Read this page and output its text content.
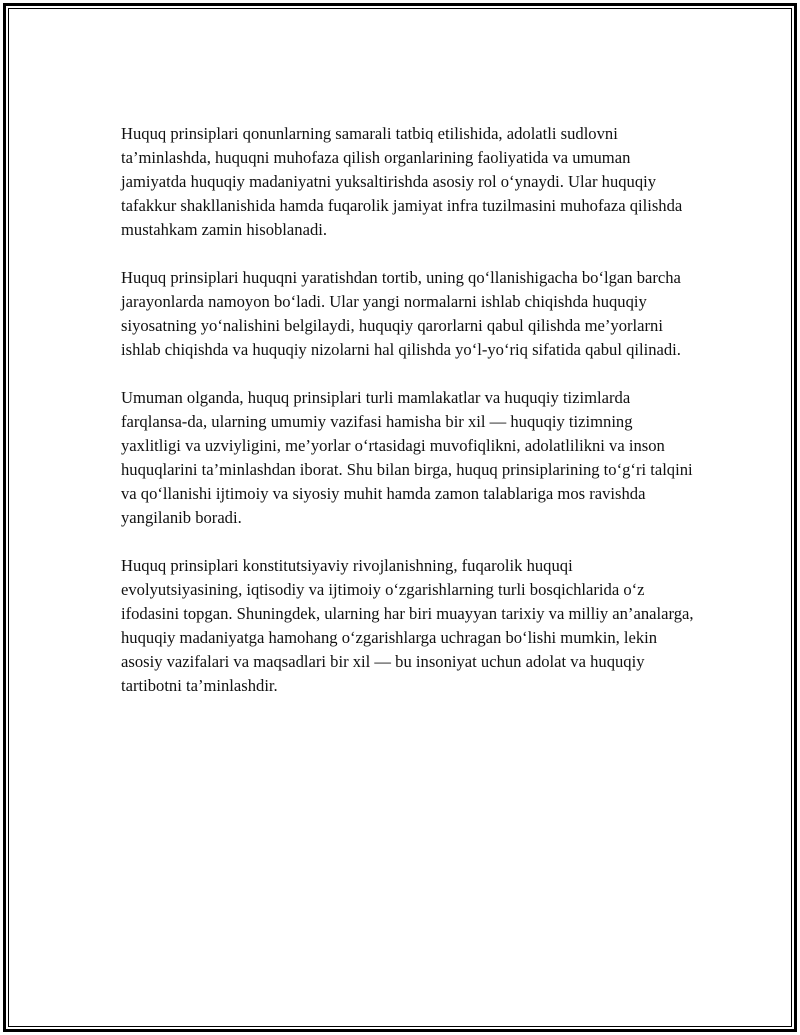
Huquq prinsiplari qonunlarning samarali tatbiq etilishida, adolatli sudlovni ta’minlashda, huquqni muhofaza qilish organlarining faoliyatida va umuman jamiyatda huquqiy madaniyatni yuksaltirishda asosiy rol oʻynaydi. Ular huquqiy tafakkur shakllanishida hamda fuqarolik jamiyat infra tuzilmasini muhofaza qilishda mustahkam zamin hisoblanadi.

Huquq prinsiplari huquqni yaratishdan tortib, uning qoʻllanishigacha boʻlgan barcha jarayonlarda namoyon boʻladi. Ular yangi normalarni ishlab chiqishda huquqiy siyosatning yoʻnalishini belgilaydi, huquqiy qarorlarni qabul qilishda me’yorlarni ishlab chiqishda va huquqiy nizolarni hal qilishda yoʻl-yoʻriq sifatida qabul qilinadi.

Umuman olganda, huquq prinsiplari turli mamlakatlar va huquqiy tizimlarda farqlansa-da, ularning umumiy vazifasi hamisha bir xil — huquqiy tizimning yaxlitligi va uzviyligini, me’yorlar oʻrtasidagi muvofiqlikni, adolatlilikni va inson huquqlarini ta’minlashdan iborat. Shu bilan birga, huquq prinsiplarining toʻgʻri talqini va qoʻllanishi ijtimoiy va siyosiy muhit hamda zamon talablariga mos ravishda yangilanib boradi.

Huquq prinsiplari konstitutsiyaviy rivojlanishning, fuqarolik huquqi evolyutsiyasining, iqtisodiy va ijtimoiy oʻzgarishlarning turli bosqichlarida oʻz ifodasini topgan. Shuningdek, ularning har biri muayyan tarixiy va milliy an’analarga, huquqiy madaniyatga hamohang oʻzgarishlarga uchragan boʻlishi mumkin, lekin asosiy vazifalari va maqsadlari bir xil — bu insoniyat uchun adolat va huquqiy tartibotni ta’minlashdir.
